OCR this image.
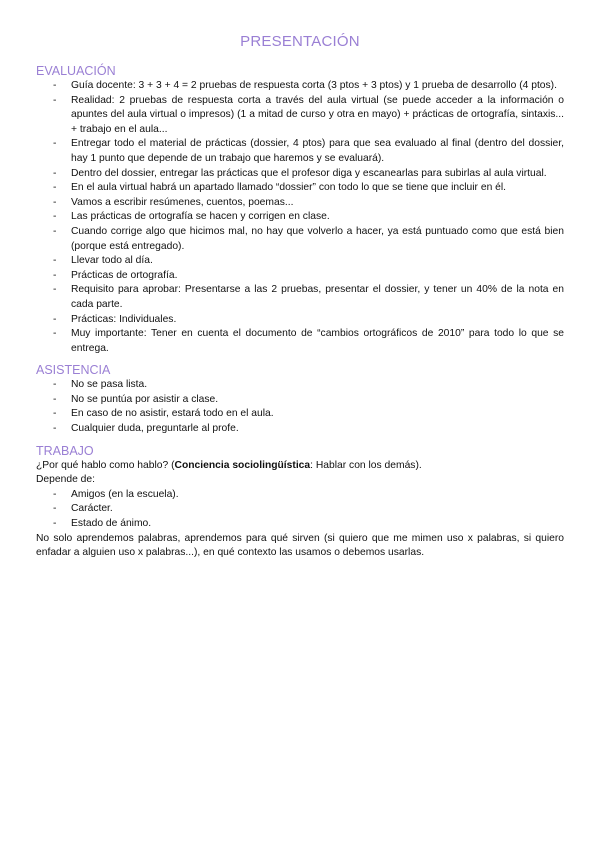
PRESENTACIÓN
EVALUACIÓN
- Guía docente: 3 + 3 + 4 = 2 pruebas de respuesta corta (3 ptos + 3 ptos) y 1 prueba de desarrollo (4 ptos).
- Realidad: 2 pruebas de respuesta corta a través del aula virtual (se puede acceder a la información o apuntes del aula virtual o impresos) (1 a mitad de curso y otra en mayo) + prácticas de ortografía, sintaxis... + trabajo en el aula...
- Entregar todo el material de prácticas (dossier, 4 ptos) para que sea evaluado al final (dentro del dossier, hay 1 punto que depende de un trabajo que haremos y se evaluará).
- Dentro del dossier, entregar las prácticas que el profesor diga y escanearlas para subirlas al aula virtual.
- En el aula virtual habrá un apartado llamado “dossier” con todo lo que se tiene que incluir en él.
- Vamos a escribir resúmenes, cuentos, poemas...
- Las prácticas de ortografía se hacen y corrigen en clase.
- Cuando corrige algo que hicimos mal, no hay que volverlo a hacer, ya está puntuado como que está bien (porque está entregado).
- Llevar todo al día.
- Prácticas de ortografía.
- Requisito para aprobar: Presentarse a las 2 pruebas, presentar el dossier, y tener un 40% de la nota en cada parte.
- Prácticas: Individuales.
- Muy importante: Tener en cuenta el documento de “cambios ortográficos de 2010” para todo lo que se entrega.
ASISTENCIA
- No se pasa lista.
- No se puntúa por asistir a clase.
- En caso de no asistir, estará todo en el aula.
- Cualquier duda, preguntarle al profe.
TRABAJO

¿Por qué hablo como hablo? (Conciencia sociolingüística: Hablar con los demás).

Depende de:

- Amigos (en la escuela).
- Carácter.
- Estado de ánimo.

No solo aprendemos palabras, aprendemos para qué sirven (si quiero que me mimen uso x palabras, si quiero enfadar a alguien uso x palabras...), en qué contexto las usamos o debemos usarlas.
